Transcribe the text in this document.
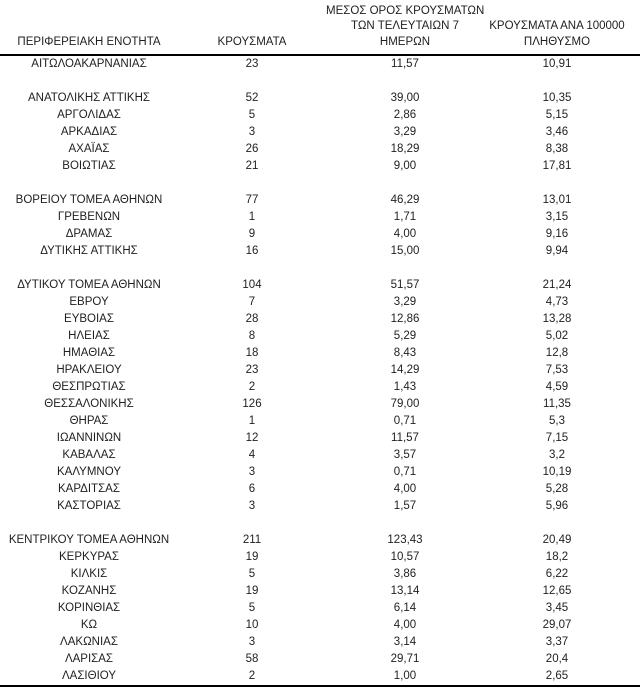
ΠΕΡΙΦΕΡΕΙΑΚΗ ΕΝΟΤΗΤΑ	ΚΡΟΥΣΜΑΤΑ	ΜΕΣΟΣ ΟΡΟΣ ΚΡΟΥΣΜΑΤΩΝ
ΤΩΝ ΤΕΛΕΥΤΑΙΩΝ 7
ΗΜΕΡΩΝ	ΚΡΟΥΣΜΑΤΑ ΑΝΑ 100000
ΠΛΗΘΥΣΜΟ

ΑΙΤΩΛΟΑΚΑΡΝΑΝΙΑΣ	23	11,57	10,91

ΑΝΑΤΟΛΙΚΗΣ ΑΤΤΙΚΗΣ	52	39,00	10,35
ΑΡΓΟΛΙΔΑΣ	5	2,86	5,15
ΑΡΚΑΔΙΑΣ	3	3,29	3,46
ΑΧΑΪΑΣ	26	18,29	8,38
ΒΟΙΩΤΙΑΣ	21	9,00	17,81

ΒΟΡΕΙΟΥ ΤΟΜΕΑ ΑΘΗΝΩΝ	77	46,29	13,01
ΓΡΕΒΕΝΩΝ	1	1,71	3,15
ΔΡΑΜΑΣ	9	4,00	9,16
ΔΥΤΙΚΗΣ ΑΤΤΙΚΗΣ	16	15,00	9,94

ΔΥΤΙΚΟΥ ΤΟΜΕΑ ΑΘΗΝΩΝ	104	51,57	21,24
ΕΒΡΟΥ	7	3,29	4,73
ΕΥΒΟΙΑΣ	28	12,86	13,28
ΗΛΕΙΑΣ	8	5,29	5,02
ΗΜΑΘΙΑΣ	18	8,43	12,8
ΗΡΑΚΛΕΙΟΥ	23	14,29	7,53
ΘΕΣΠΡΩΤΙΑΣ	2	1,43	4,59
ΘΕΣΣΑΛΟΝΙΚΗΣ	126	79,00	11,35
ΘΗΡΑΣ	1	0,71	5,3
ΙΩΑΝΝΙΝΩΝ	12	11,57	7,15
ΚΑΒΑΛΑΣ	4	3,57	3,2
ΚΑΛΥΜΝΟΥ	3	0,71	10,19
ΚΑΡΔΙΤΣΑΣ	6	4,00	5,28
ΚΑΣΤΟΡΙΑΣ	3	1,57	5,96

ΚΕΝΤΡΙΚΟΥ ΤΟΜΕΑ ΑΘΗΝΩΝ	211	123,43	20,49
ΚΕΡΚΥΡΑΣ	19	10,57	18,2
ΚΙΛΚΙΣ	5	3,86	6,22
ΚΟΖΑΝΗΣ	19	13,14	12,65
ΚΟΡΙΝΘΙΑΣ	5	6,14	3,45
ΚΩ	10	4,00	29,07
ΛΑΚΩΝΙΑΣ	3	3,14	3,37
ΛΑΡΙΣΑΣ	58	29,71	20,4
ΛΑΣΙΘΙΟΥ	2	1,00	2,65
